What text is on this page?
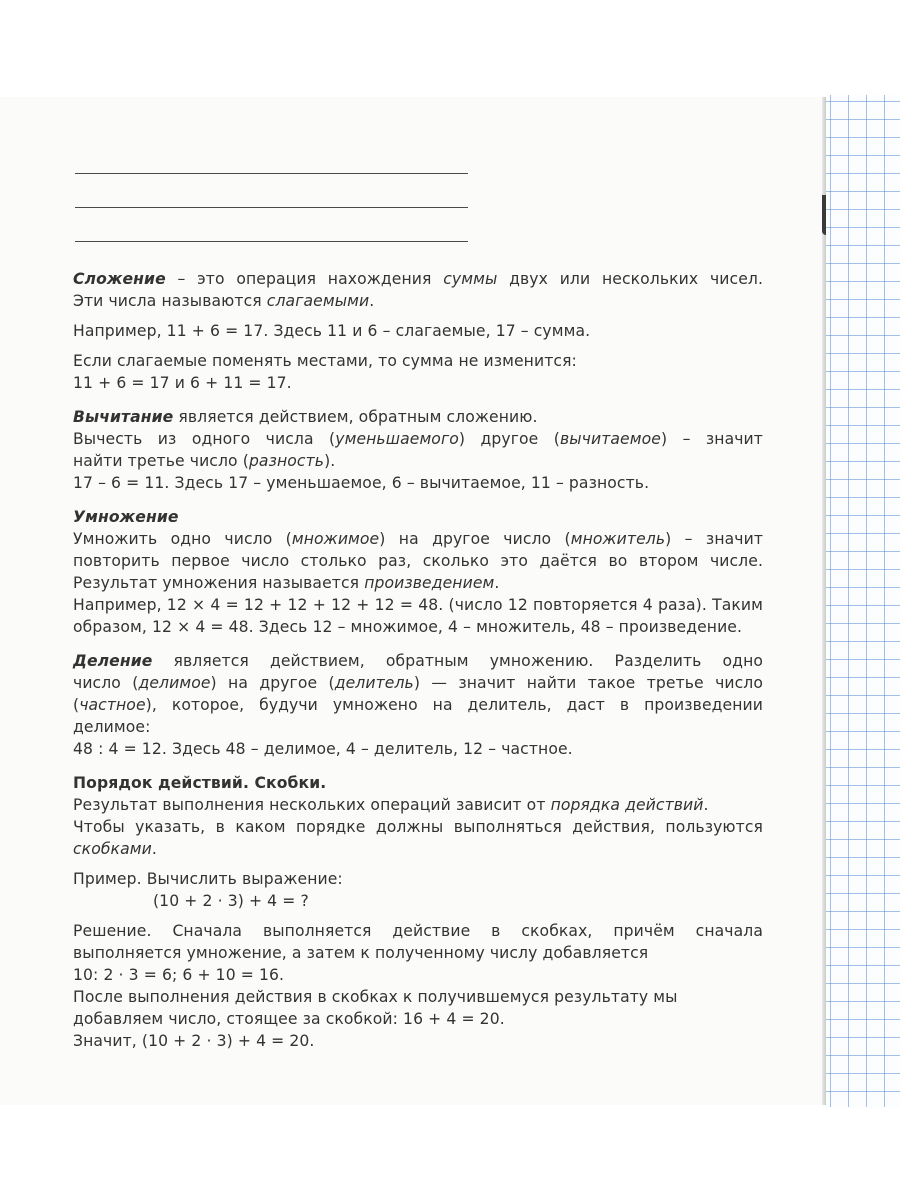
Сложение – это операция нахождения суммы двух или нескольких чисел.

Эти числа называются слагаемыми.

Например, 11 + 6 = 17. Здесь 11 и 6 – слагаемые, 17 – сумма.

Если слагаемые поменять местами, то сумма не изменится:

11 + 6 = 17 и 6 + 11 = 17.

Вычитание является действием, обратным сложению.

Вычесть из одного числа (уменьшаемого) другое (вычитаемое) – значит

найти третье число (разность).

17 – 6 = 11. Здесь 17 – уменьшаемое, 6 – вычитаемое, 11 – разность.

Умножение

Умножить одно число (множимое) на другое число (множитель) – значит

повторить первое число столько раз, сколько это даётся во втором числе.

Результат умножения называется произведением.

Например, 12 × 4 = 12 + 12 + 12 + 12 = 48. (число 12 повторяется 4 раза). Таким

образом, 12 × 4 = 48. Здесь 12 – множимое, 4 – множитель, 48 – произведение.

Деление является действием, обратным умножению. Разделить одно

число (делимое) на другое (делитель) — значит найти такое третье число

(частное), которое, будучи умножено на делитель, даст в произведении

делимое:

48 : 4 = 12. Здесь 48 – делимое, 4 – делитель, 12 – частное.

Порядок действий. Скобки.

Результат выполнения нескольких операций зависит от порядка действий.

Чтобы указать, в каком порядке должны выполняться действия, пользуются

скобками.

Пример. Вычислить выражение:

(10 + 2 · 3) + 4 = ?

Решение. Сначала выполняется действие в скобках, причём сначала

выполняется умножение, а затем к полученному числу добавляется

10: 2 · 3 = 6; 6 + 10 = 16.

После выполнения действия в скобках к получившемуся результату мы

добавляем число, стоящее за скобкой: 16 + 4 = 20.

Значит, (10 + 2 · 3) + 4 = 20.
